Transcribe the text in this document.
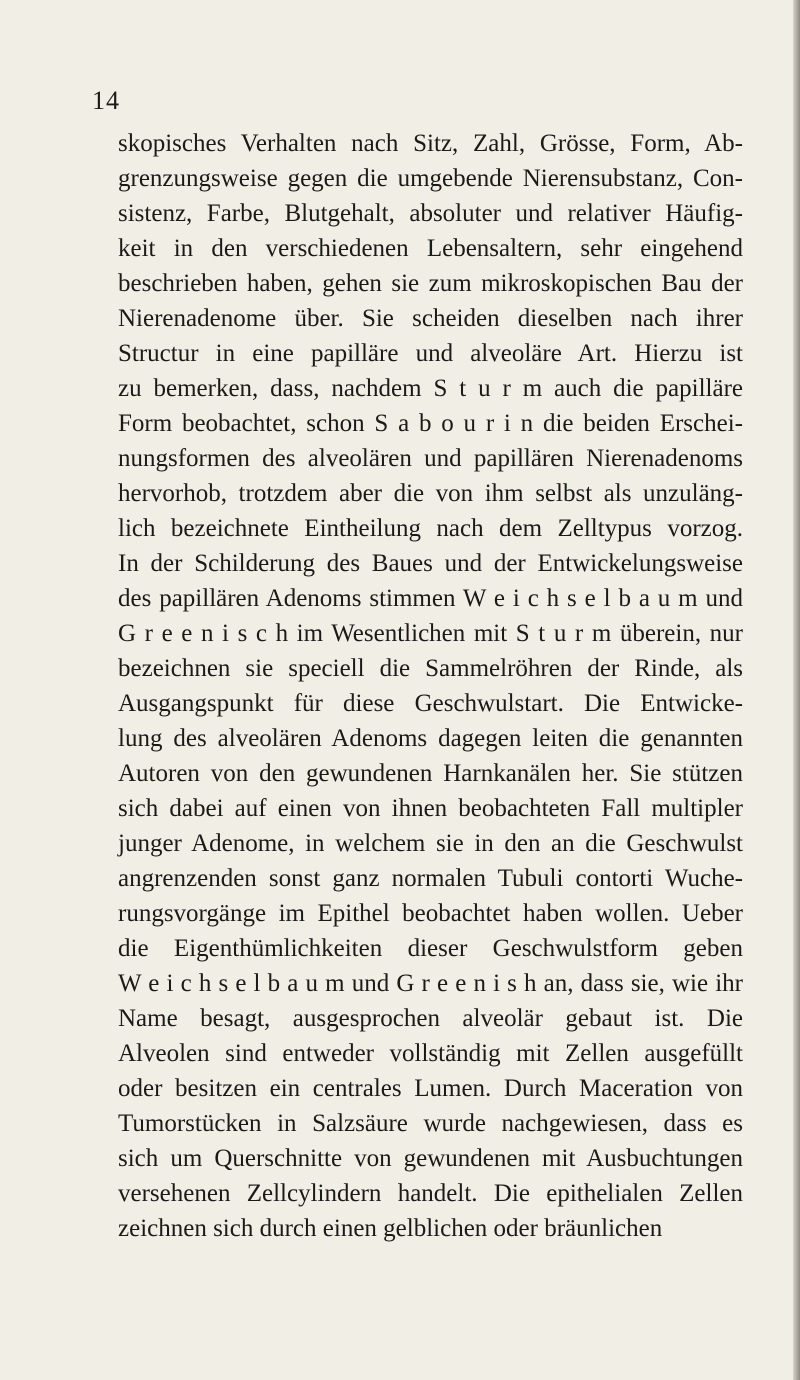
14
skopisches Verhalten nach Sitz, Zahl, Grösse, Form, Ab-
grenzungsweise gegen die umgebende Nierensubstanz, Con-
sistenz, Farbe, Blutgehalt, absoluter und relativer Häufig-
keit in den verschiedenen Lebensaltern, sehr eingehend
beschrieben haben, gehen sie zum mikroskopischen Bau der
Nierenadenome über. Sie scheiden dieselben nach ihrer
Structur in eine papilläre und alveoläre Art. Hierzu ist
zu bemerken, dass, nachdem S t u r m auch die papilläre
Form beobachtet, schon S a b o u r i n die beiden Erschei-
nungsformen des alveolären und papillären Nierenadenoms
hervorhob, trotzdem aber die von ihm selbst als unzuläng-
lich bezeichnete Eintheilung nach dem Zelltypus vorzog.
In der Schilderung des Baues und der Entwickelungsweise
des papillären Adenoms stimmen W e i c h s e l b a u m und
G r e e n i s c h im Wesentlichen mit S t u r m überein, nur
bezeichnen sie speciell die Sammelröhren der Rinde, als
Ausgangspunkt für diese Geschwulstart. Die Entwicke-
lung des alveolären Adenoms dagegen leiten die genannten
Autoren von den gewundenen Harnkanälen her. Sie stützen
sich dabei auf einen von ihnen beobachteten Fall multipler
junger Adenome, in welchem sie in den an die Geschwulst
angrenzenden sonst ganz normalen Tubuli contorti Wuche-
rungsvorgänge im Epithel beobachtet haben wollen. Ueber
die Eigenthümlichkeiten dieser Geschwulstform geben
W e i c h s e l b a u m und G r e e n i s h an, dass sie, wie ihr
Name besagt, ausgesprochen alveolär gebaut ist. Die
Alveolen sind entweder vollständig mit Zellen ausgefüllt
oder besitzen ein centrales Lumen. Durch Maceration von
Tumorstücken in Salzsäure wurde nachgewiesen, dass es
sich um Querschnitte von gewundenen mit Ausbuchtungen
versehenen Zellcylindern handelt. Die epithelialen Zellen
zeichnen sich durch einen gelblichen oder bräunlichen
